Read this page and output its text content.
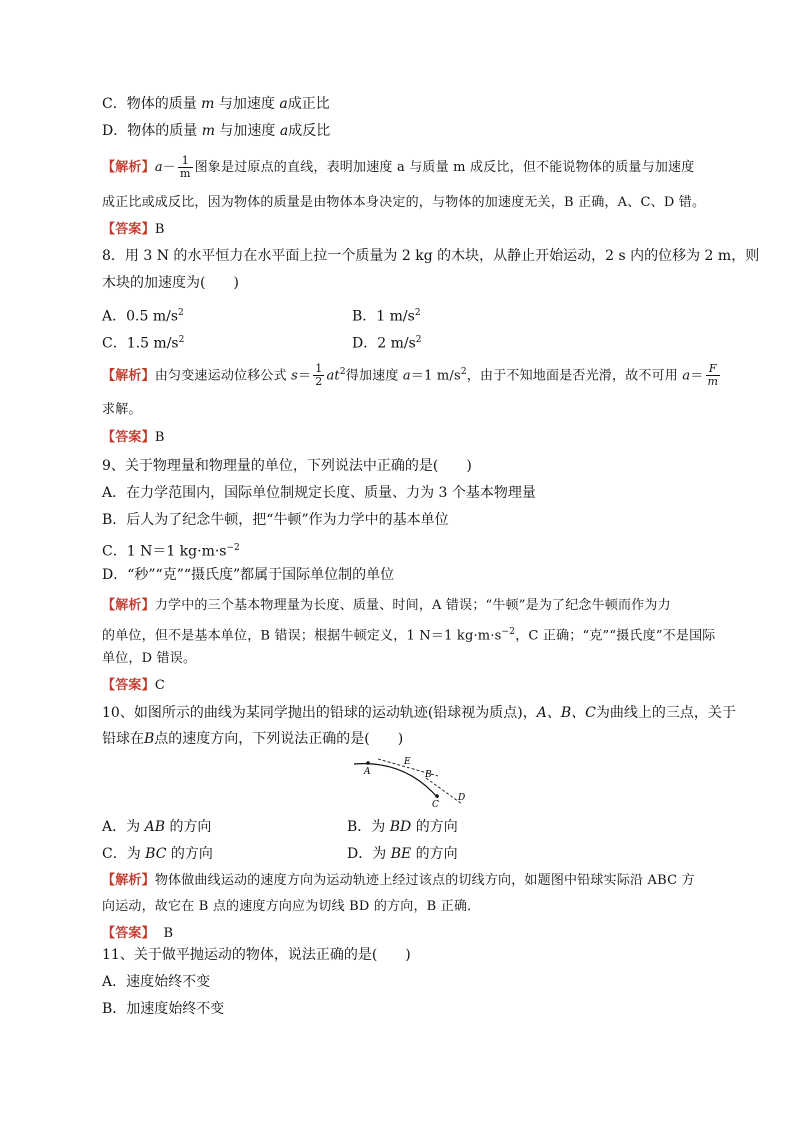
C．物体的质量 m 与加速度 a成正比
D．物体的质量 m 与加速度 a成反比
【解析】$a- \frac{1}{m}$ 图象是过原点的直线，表明加速度 a 与质量 m 成反比，但不能说物体的质量与加速度
成正比或成反比，因为物体的质量是由物体本身决定的，与物体的加速度无关，B 正确，A、C、D 错。
【答案】B
8．用 3 N 的水平恒力在水平面上拉一个质量为 2 kg 的木块，从静止开始运动，2 s 内的位移为 2 m，则
木块的加速度为(　　)
A．0.5 $m/s^2$	B．1 $m/s^2$
C．1.5 $m/s^2$	D．2 $m/s^2$
【解析】由匀变速运动位移公式 $s= \frac{1}{2} at^2$得加速度 a＝1 $m/s^2$，由于不知地面是否光滑，故不可用 $a= \frac{F}{m}$
求解。
【答案】B
9、关于物理量和物理量的单位，下列说法中正确的是(　　)
A．在力学范围内，国际单位制规定长度、质量、力为 3 个基本物理量
B．后人为了纪念牛顿，把“牛顿”作为力学中的基本单位
C．1 N＝1 $kg\cdot m\cdot s^{-2}$
D．“秒”“克”“摄氏度”都属于国际单位制的单位
【解析】力学中的三个基本物理量为长度、质量、时间，A 错误；“牛顿”是为了纪念牛顿而作为力
的单位，但不是基本单位，B 错误；根据牛顿定义，1 N＝1 $kg\cdot m\cdot s^{-2}$，C 正确；“克”“摄氏度”不是国际
单位，D 错误。
【答案】C
10、如图所示的曲线为某同学抛出的铅球的运动轨迹(铅球视为质点)，A、B、C为曲线上的三点，关于
铅球在B点的速度方向，下列说法正确的是(　　)
A
E
B
C
D
A．为 AB 的方向	B．为 BD 的方向
C．为 BC 的方向	D．为 BE 的方向
【解析】物体做曲线运动的速度方向为运动轨迹上经过该点的切线方向，如题图中铅球实际沿 ABC 方
向运动，故它在 B 点的速度方向应为切线 BD 的方向，B 正确．
【答案】 B
11、关于做平抛运动的物体，说法正确的是(　　)
A．速度始终不变
B．加速度始终不变
